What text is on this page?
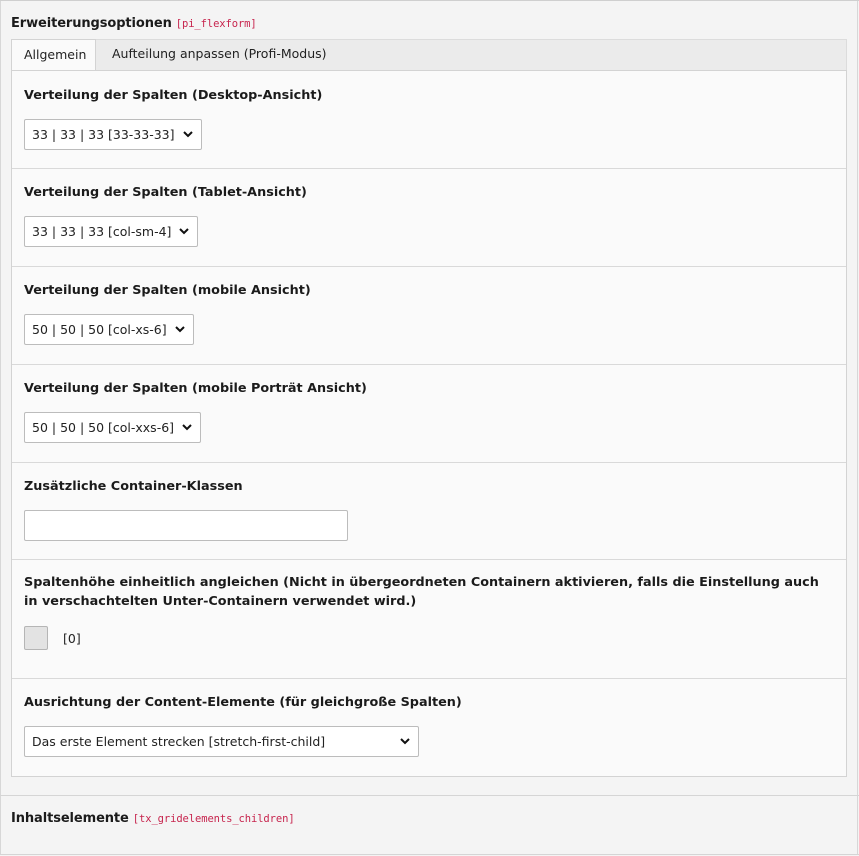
Erweiterungsoptionen [pi_flexform]
Allgemein	Aufteilung anpassen (Profi-Modus)
Verteilung der Spalten (Desktop-Ansicht)
33 | 33 | 33 [33-33-33]
Verteilung der Spalten (Tablet-Ansicht)
33 | 33 | 33 [col-sm-4]
Verteilung der Spalten (mobile Ansicht)
50 | 50 | 50 [col-xs-6]
Verteilung der Spalten (mobile Porträt Ansicht)
50 | 50 | 50 [col-xxs-6]
Zusätzliche Container-Klassen
Spaltenhöhe einheitlich angleichen (Nicht in übergeordneten Containern aktivieren, falls die Einstellung auch in verschachtelten Unter-Containern verwendet wird.)
[0]
Ausrichtung der Content-Elemente (für gleichgroße Spalten)
Das erste Element strecken [stretch-first-child]
Inhaltselemente [tx_gridelements_children]
